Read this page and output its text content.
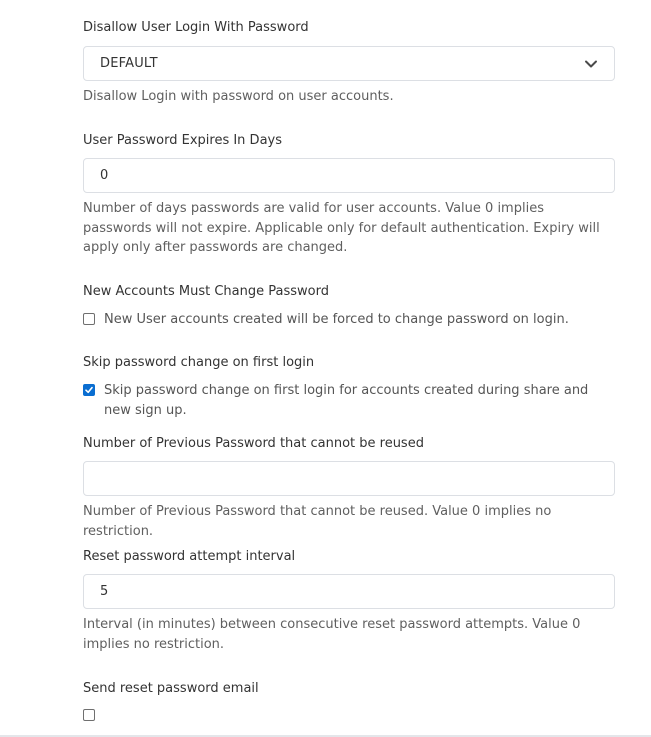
Disallow User Login With Password
DEFAULT
Disallow Login with password on user accounts.
User Password Expires In Days
0
Number of days passwords are valid for user accounts. Value 0 implies passwords will not expire. Applicable only for default authentication. Expiry will apply only after passwords are changed.
New Accounts Must Change Password
New User accounts created will be forced to change password on login.
Skip password change on first login
Skip password change on first login for accounts created during share and new sign up.
Number of Previous Password that cannot be reused
Number of Previous Password that cannot be reused. Value 0 implies no restriction.
Reset password attempt interval
5
Interval (in minutes) between consecutive reset password attempts. Value 0 implies no restriction.
Send reset password email
